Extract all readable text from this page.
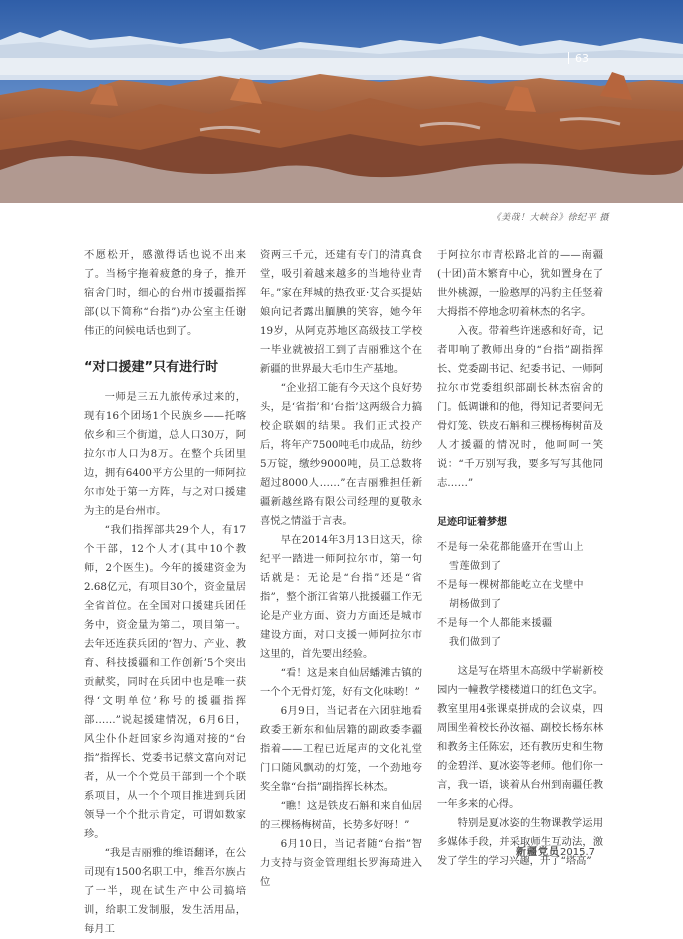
63
《美哉！大峡谷》徐纪平 摄

不愿松开，感激得话也说不出来了。当杨宇拖着疲惫的身子，推开宿舍门时，细心的台州市援疆指挥部(以下简称“台指”)办公室主任谢伟正的问候电话也到了。

“对口援建”只有进行时

一师是三五九旅传承过来的，现有16个团场1个民族乡——托喀依乡和三个街道，总人口30万，阿拉尔市人口为8万。在整个兵团里边，拥有6400平方公里的一师阿拉尔市处于第一方阵，与之对口援建为主的是台州市。

“我们指挥部共29个人，有17个干部，12个人才(其中10个教师，2个医生)。今年的援建资金为2.68亿元，有项目30个，资金量居全省首位。在全国对口援建兵团任务中，资金量为第二，项目第一。去年还连获兵团的‘智力、产业、教育、科技援疆和工作创新’5个突出贡献奖，同时在兵团中也是唯一获得‘文明单位’称号的援疆指挥部……”说起援建情况，6月6日，风尘仆仆赶回家乡沟通对接的“台指”指挥长、党委书记蔡文富向对记者，从一个个党员干部到一个个联系项目，从一个个项目推进到兵团领导一个个批示肯定，可谓如数家珍。

“我是吉丽雅的维语翻译，在公司现有1500名职工中，维吾尔族占了一半，现在试生产中公司搞培训，给职工发制服，发生活用品，每月工

资两三千元，还建有专门的清真食堂，吸引着越来越多的当地待业青年。”家在拜城的热孜亚·艾合买提姑娘向记者露出腼腆的笑容，她今年19岁，从阿克苏地区高级技工学校一毕业就被招工到了吉丽雅这个在新疆的世界最大毛巾生产基地。

“企业招工能有今天这个良好势头，是‘省指’和‘台指’这两级合力搞校企联姻的结果。我们正式投产后，将年产7500吨毛巾成品，纺纱5万锭，缴纱9000吨，员工总数将超过8000人……”在吉丽雅担任新疆新越丝路有限公司经理的夏敬永喜悦之情溢于言表。

早在2014年3月13日这天，徐纪平一踏进一师阿拉尔市，第一句话就是：无论是“台指”还是“省指”，整个浙江省第八批援疆工作无论是产业方面、资力方面还是城市建设方面，对口支援一师阿拉尔市这里的，首先要出经验。

“看！这是来自仙居蟠滩古镇的一个个无骨灯笼，好有文化味哟！”

6月9日，当记者在六团驻地看政委王新东和仙居籍的副政委李疆指着——工程已近尾声的文化礼堂门口随风飘动的灯笼，一个劲地夸奖全靠“台指”副指挥长林杰。

“瞧！这是铁皮石斛和来自仙居的三棵杨梅树苗，长势多好呀！”

6月10日，当记者随“台指”智力支持与资金管理组长罗海琦进入位

于阿拉尔市青松路北首的——南疆(十团)苗木繁育中心，犹如置身在了世外桃源，一脸憨厚的冯豹主任竖着大拇指不停地念叨着林杰的名字。

入夜。带着些许迷惑和好奇，记者叩响了教师出身的“台指”副指挥长、党委副书记、纪委书记、一师阿拉尔市党委组织部副长林杰宿舍的门。低调谦和的他，得知记者要问无骨灯笼、铁皮石斛和三棵杨梅树苗及人才援疆的情况时，他呵呵一笑说：“千万别写我，要多写写其他同志……”

足迹印证着梦想
不是每一朵花都能盛开在雪山上
雪莲做到了
不是每一棵树都能屹立在戈壁中
胡杨做到了
不是每一个人都能来援疆
我们做到了

这是写在塔里木高级中学崭新校园内一幢教学楼楼道口的红色文字。教室里用4张课桌拼成的会议桌，四周围坐着校长孙汝福、副校长杨东林和教务主任陈宏，还有教历史和生物的金碧洋、夏冰姿等老师。他们你一言，我一语，谈着从台州到南疆任教一年多来的心得。

特别是夏冰姿的生物课教学运用多媒体手段，并采取师生互动法，激发了学生的学习兴趣，开了“塔高”

新疆党员2015.7
